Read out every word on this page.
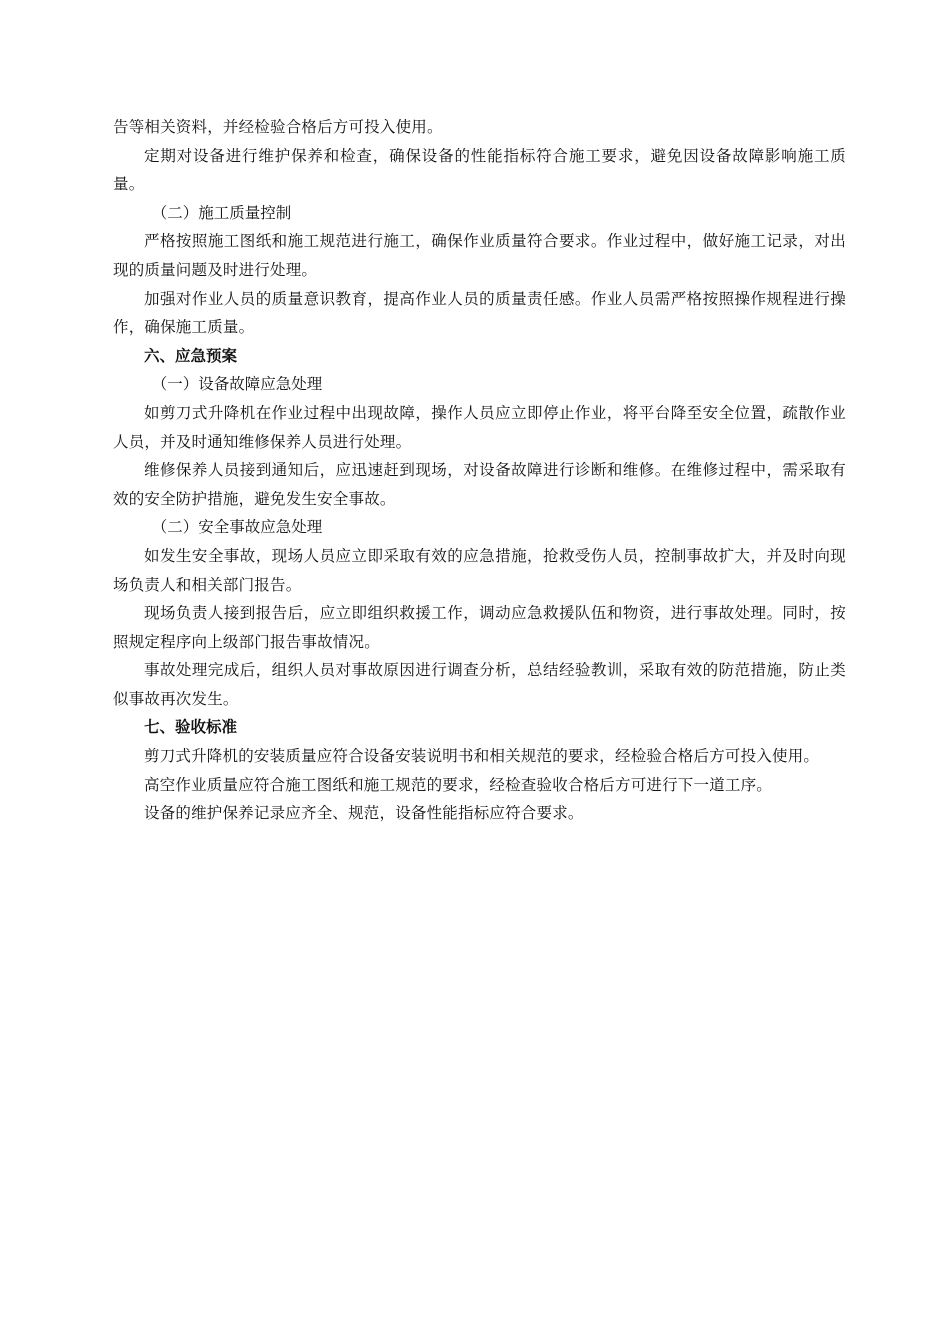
告等相关资料，并经检验合格后方可投入使用。

定期对设备进行维护保养和检查，确保设备的性能指标符合施工要求，避免因设备故障影响施工质量。

（二）施工质量控制

严格按照施工图纸和施工规范进行施工，确保作业质量符合要求。作业过程中，做好施工记录，对出现的质量问题及时进行处理。

加强对作业人员的质量意识教育，提高作业人员的质量责任感。作业人员需严格按照操作规程进行操作，确保施工质量。

六、应急预案

（一）设备故障应急处理

如剪刀式升降机在作业过程中出现故障，操作人员应立即停止作业，将平台降至安全位置，疏散作业人员，并及时通知维修保养人员进行处理。

维修保养人员接到通知后，应迅速赶到现场，对设备故障进行诊断和维修。在维修过程中，需采取有效的安全防护措施，避免发生安全事故。

（二）安全事故应急处理

如发生安全事故，现场人员应立即采取有效的应急措施，抢救受伤人员，控制事故扩大，并及时向现场负责人和相关部门报告。

现场负责人接到报告后，应立即组织救援工作，调动应急救援队伍和物资，进行事故处理。同时，按照规定程序向上级部门报告事故情况。

事故处理完成后，组织人员对事故原因进行调查分析，总结经验教训，采取有效的防范措施，防止类似事故再次发生。

七、验收标准

剪刀式升降机的安装质量应符合设备安装说明书和相关规范的要求，经检验合格后方可投入使用。

高空作业质量应符合施工图纸和施工规范的要求，经检查验收合格后方可进行下一道工序。

设备的维护保养记录应齐全、规范，设备性能指标应符合要求。
